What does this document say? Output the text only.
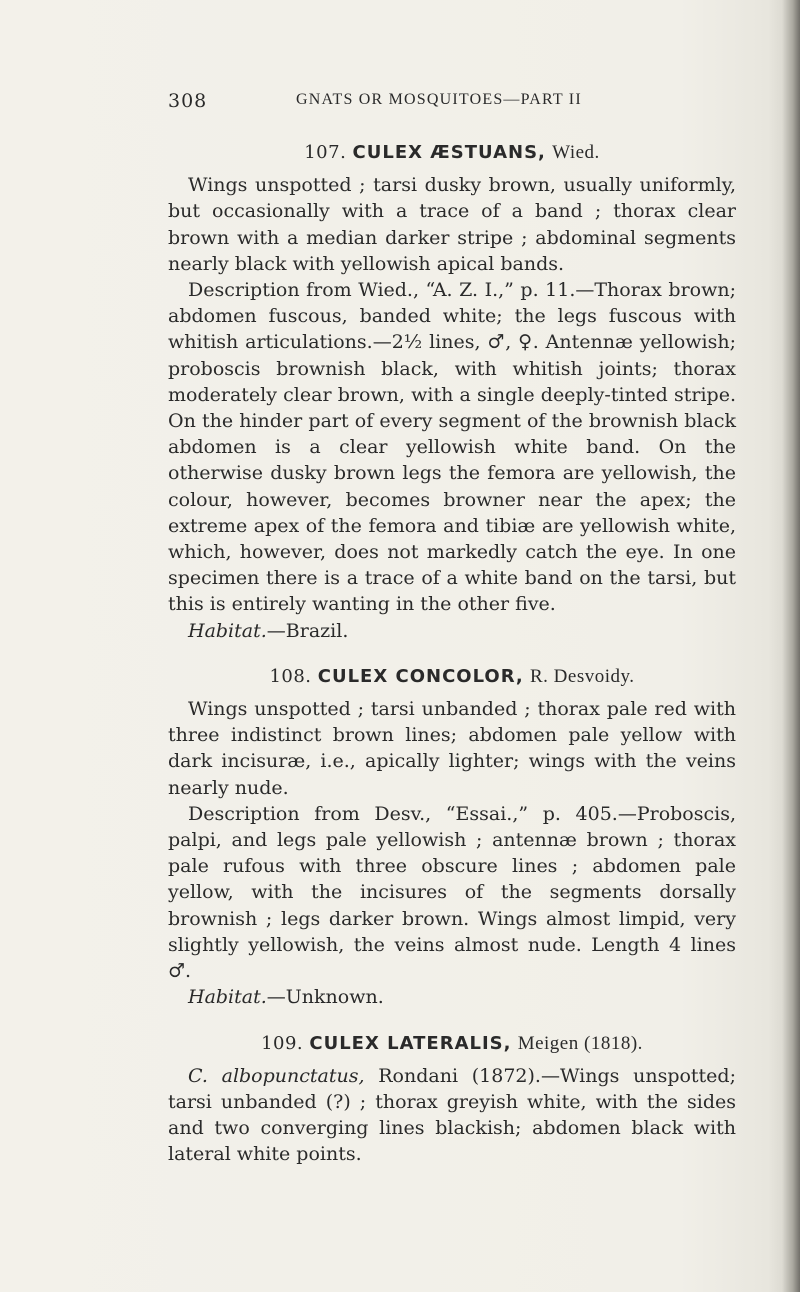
308	GNATS OR MOSQUITOES—PART II
107. CULEX ÆSTUANS, Wied.

Wings unspotted ; tarsi dusky brown, usually uniformly, but occasionally with a trace of a band ; thorax clear brown with a median darker stripe ; abdominal segments nearly black with yellowish apical bands.

Description from Wied., “A. Z. I.,” p. 11.—Thorax brown; abdomen fuscous, banded white; the legs fuscous with whitish articulations.—2½ lines, ♂, ♀. Antennæ yellowish; proboscis brownish black, with whitish joints; thorax moderately clear brown, with a single deeply-tinted stripe. On the hinder part of every segment of the brownish black abdomen is a clear yellowish white band. On the otherwise dusky brown legs the femora are yellowish, the colour, however, becomes browner near the apex; the extreme apex of the femora and tibiæ are yellowish white, which, however, does not markedly catch the eye. In one specimen there is a trace of a white band on the tarsi, but this is entirely wanting in the other five.

Habitat.—Brazil.

108. CULEX CONCOLOR, R. Desvoidy.

Wings unspotted ; tarsi unbanded ; thorax pale red with three indistinct brown lines; abdomen pale yellow with dark incisuræ, i.e., apically lighter; wings with the veins nearly nude.

Description from Desv., “Essai.,” p. 405.—Proboscis, palpi, and legs pale yellowish ; antennæ brown ; thorax pale rufous with three obscure lines ; abdomen pale yellow, with the incisures of the segments dorsally brownish ; legs darker brown. Wings almost limpid, very slightly yellowish, the veins almost nude. Length 4 lines ♂.

Habitat.—Unknown.

109. CULEX LATERALIS, Meigen (1818).

C. albopunctatus, Rondani (1872).—Wings unspotted; tarsi unbanded (?) ; thorax greyish white, with the sides and two converging lines blackish; abdomen black with lateral white points.
